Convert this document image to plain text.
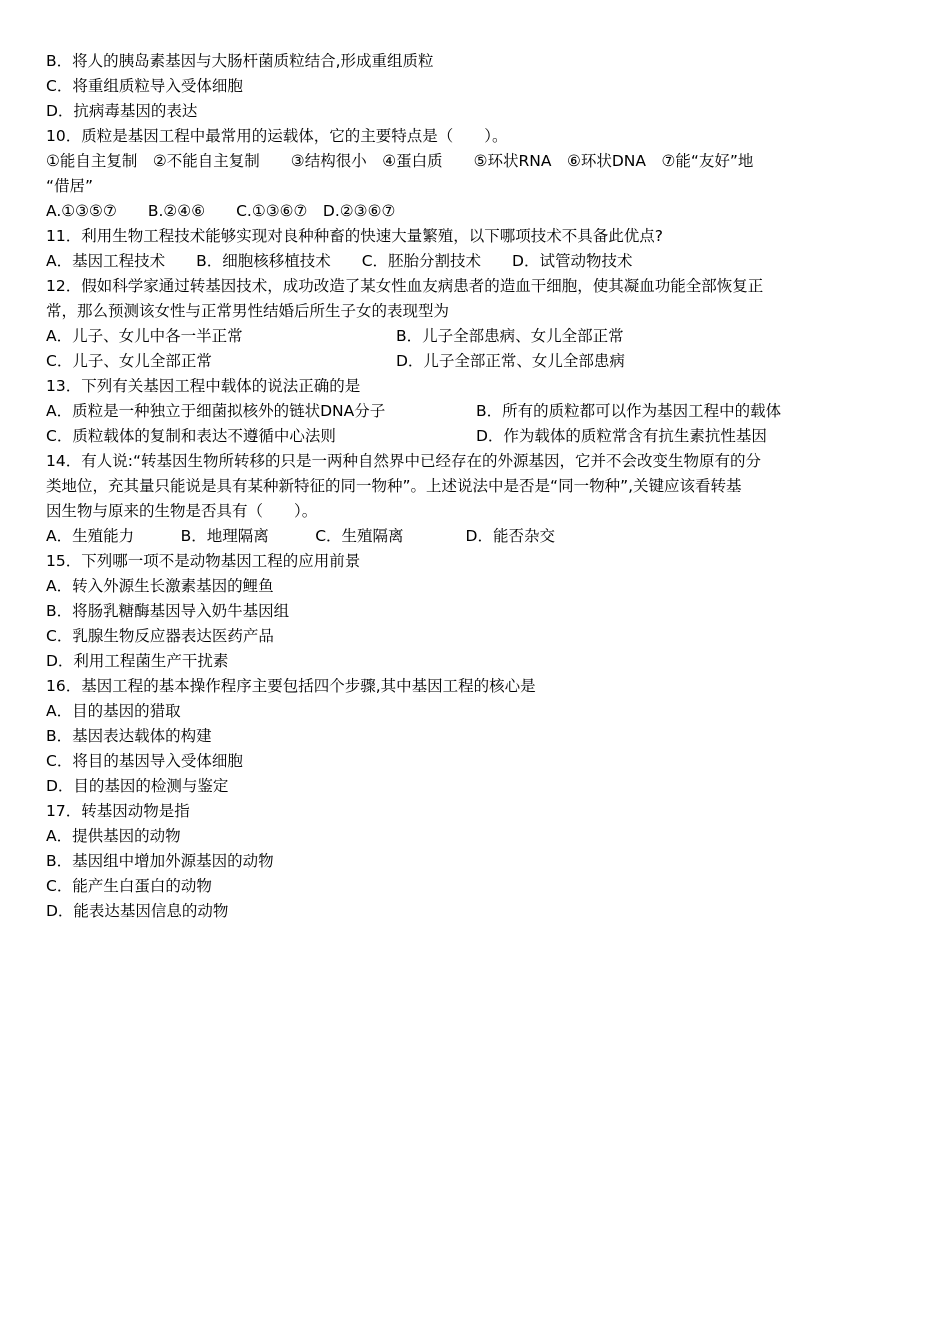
B．将人的胰岛素基因与大肠杆菌质粒结合,形成重组质粒
C．将重组质粒导入受体细胞
D．抗病毒基因的表达
10．质粒是基因工程中最常用的运载体，它的主要特点是（　　）。
①能自主复制　②不能自主复制　　③结构很小　④蛋白质　　⑤环状RNA　⑥环状DNA　⑦能“友好”地
“借居”
A.①③⑤⑦　　B.②④⑥　　C.①③⑥⑦　D.②③⑥⑦
11．利用生物工程技术能够实现对良种种畜的快速大量繁殖，以下哪项技术不具备此优点?
A．基因工程技术　　B．细胞核移植技术　　C．胚胎分割技术　　D．试管动物技术
12．假如科学家通过转基因技术，成功改造了某女性血友病患者的造血干细胞，使其凝血功能全部恢复正
常，那么预测该女性与正常男性结婚后所生子女的表现型为
A．儿子、女儿中各一半正常	B．儿子全部患病、女儿全部正常
C．儿子、女儿全部正常	D．儿子全部正常、女儿全部患病
13．下列有关基因工程中载体的说法正确的是
A．质粒是一种独立于细菌拟核外的链状DNA分子	B．所有的质粒都可以作为基因工程中的载体
C．质粒载体的复制和表达不遵循中心法则	D．作为载体的质粒常含有抗生素抗性基因
14．有人说:“转基因生物所转移的只是一两种自然界中已经存在的外源基因，它并不会改变生物原有的分
类地位，充其量只能说是具有某种新特征的同一物种”。上述说法中是否是“同一物种”,关键应该看转基
因生物与原来的生物是否具有（　　）。
A．生殖能力　　　B．地理隔离　　　C．生殖隔离　　　　D．能否杂交
15．下列哪一项不是动物基因工程的应用前景
A．转入外源生长激素基因的鲤鱼
B．将肠乳糖酶基因导入奶牛基因组
C．乳腺生物反应器表达医药产品
D．利用工程菌生产干扰素
16．基因工程的基本操作程序主要包括四个步骤,其中基因工程的核心是
A．目的基因的猎取
B．基因表达载体的构建
C．将目的基因导入受体细胞
D．目的基因的检测与鉴定
17．转基因动物是指
A．提供基因的动物
B．基因组中增加外源基因的动物
C．能产生白蛋白的动物
D．能表达基因信息的动物
